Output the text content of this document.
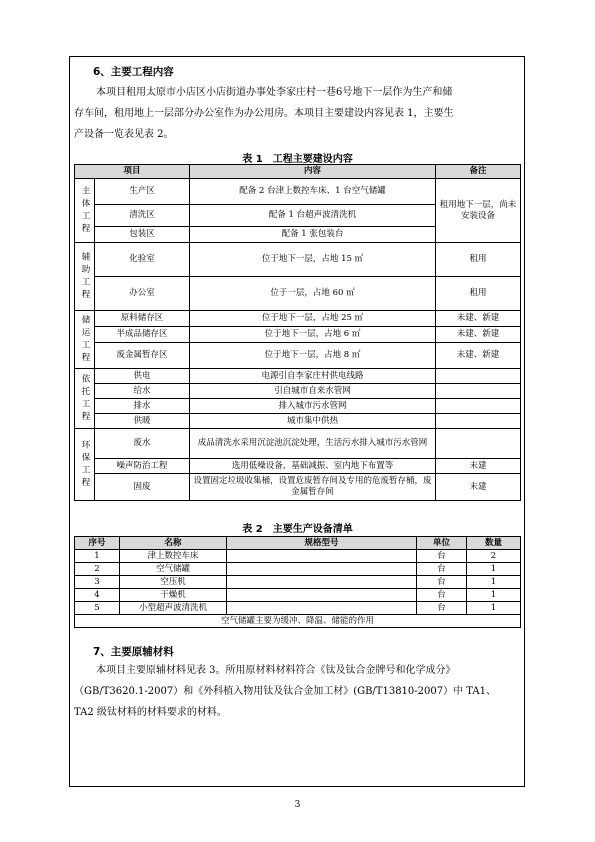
6、主要工程内容
本项目租用太原市小店区小店街道办事处李家庄村一巷6号地下一层作为生产和储
存车间，租用地上一层部分办公室作为办公用房。本项目主要建设内容见表 1，主要生
产设备一览表见表 2。
表 1　工程主要建设内容
项目		内容	备注
主体工程	生产区	配备 2 台津上数控车床、1 台空气储罐	租用地下一层，尚未安装设备
	清洗区	配备 1 台超声波清洗机	
	包装区	配备 1 张包装台	
辅助工程	化验室	位于地下一层，占地 15 ㎡	租用
	办公室	位于一层，占地 60 ㎡	租用
储运工程	原料储存区	位于地下一层，占地 25 ㎡	未建、新建
	半成品储存区	位于地下一层，占地 6 ㎡	未建、新建
	废金属暂存区	位于地下一层，占地 8 ㎡	未建、新建
依托工程	供电	电源引自李家庄村供电线路	
	给水	引自城市自来水管网	
	排水	排入城市污水管网	
	供暖	城市集中供热	
环保工程	废水	成品清洗水采用沉淀池沉淀处理，生活污水排入城市污水管网	
	噪声防治工程	选用低噪设备，基础减振、室内地下布置等	未建
	固废	设置固定垃圾收集桶，设置危废暂存间及专用的危废暂存桶，废金属暂存间	未建
表 2　主要生产设备清单
序号	名称	规格型号	单位	数量
1	津上数控车床		台	2
2	空气储罐		台	1
3	空压机		台	1
4	干燥机		台	1
5	小型超声波清洗机		台	1
空气储罐主要为缓冲、降温、储能的作用				
7、主要原辅材料
本项目主要原辅材料见表 3。所用原材料材料符合《钛及钛合金牌号和化学成分》
（GB/T3620.1-2007）和《外科植入物用钛及钛合金加工材》(GB/T13810-2007）中 TA1、
TA2 级钛材料的材料要求的材料。
3
